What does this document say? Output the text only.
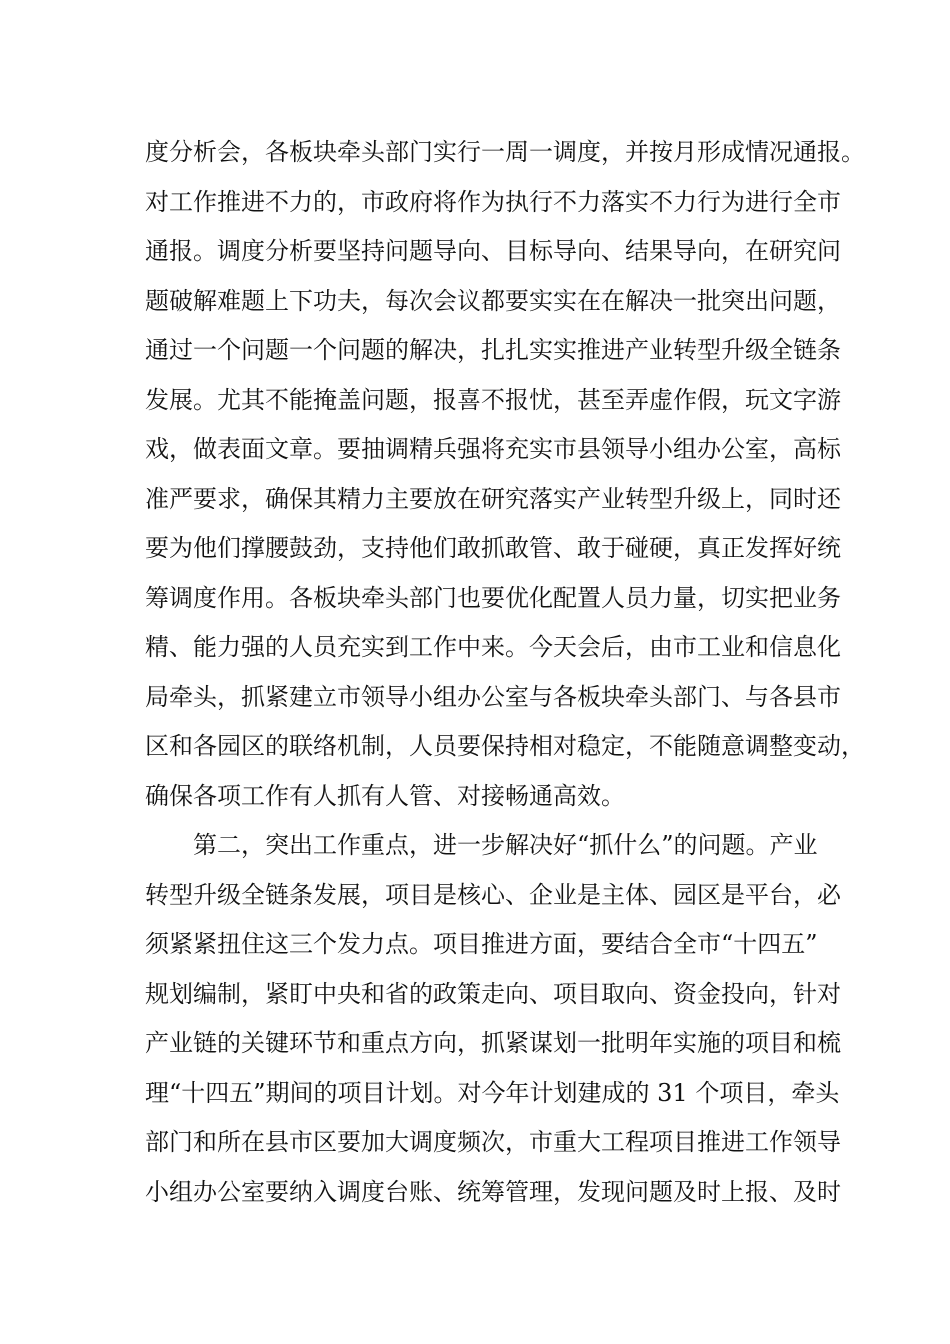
度分析会，各板块牵头部门实行一周一调度，并按月形成情况通报。
对工作推进不力的，市政府将作为执行不力落实不力行为进行全市
通报。调度分析要坚持问题导向、目标导向、结果导向，在研究问
题破解难题上下功夫，每次会议都要实实在在解决一批突出问题，
通过一个问题一个问题的解决，扎扎实实推进产业转型升级全链条
发展。尤其不能掩盖问题，报喜不报忧，甚至弄虚作假，玩文字游
戏，做表面文章。要抽调精兵强将充实市县领导小组办公室，高标
准严要求，确保其精力主要放在研究落实产业转型升级上，同时还
要为他们撑腰鼓劲，支持他们敢抓敢管、敢于碰硬，真正发挥好统
筹调度作用。各板块牵头部门也要优化配置人员力量，切实把业务
精、能力强的人员充实到工作中来。今天会后，由市工业和信息化
局牵头，抓紧建立市领导小组办公室与各板块牵头部门、与各县市
区和各园区的联络机制，人员要保持相对稳定，不能随意调整变动，
确保各项工作有人抓有人管、对接畅通高效。
第二，突出工作重点，进一步解决好“抓什么”的问题。产业
转型升级全链条发展，项目是核心、企业是主体、园区是平台，必
须紧紧扭住这三个发力点。项目推进方面，要结合全市“十四五”
规划编制，紧盯中央和省的政策走向、项目取向、资金投向，针对
产业链的关键环节和重点方向，抓紧谋划一批明年实施的项目和梳
理“十四五”期间的项目计划。对今年计划建成的 31 个项目，牵头
部门和所在县市区要加大调度频次，市重大工程项目推进工作领导
小组办公室要纳入调度台账、统筹管理，发现问题及时上报、及时
